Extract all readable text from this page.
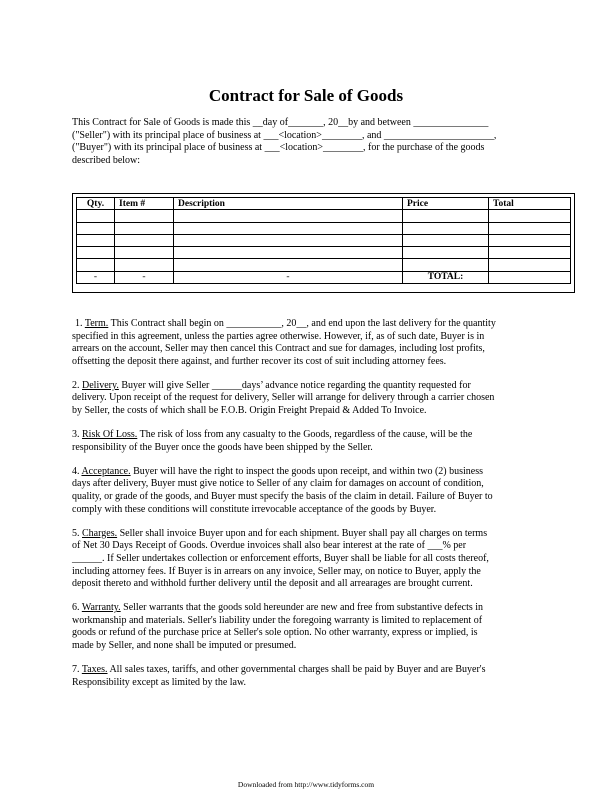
Contract for Sale of Goods
This Contract for Sale of Goods is made this __day of_______, 20__by and between _______________
("Seller") with its principal place of business at ___<location>________, and ______________________,
("Buyer") with its principal place of business at ___<location>________, for the purchase of the goods
described below:
Qty.	Item #	Description	Price	Total

-	-	-	TOTAL:	
1. Term. This Contract shall begin on ___________, 20__, and end upon the last delivery for the quantity
specified in this agreement, unless the parties agree otherwise. However, if, as of such date, Buyer is in
arrears on the account, Seller may then cancel this Contract and sue for damages, including lost profits,
offsetting the deposit there against, and further recover its cost of suit including attorney fees.
2. Delivery. Buyer will give Seller ______days’ advance notice regarding the quantity requested for
delivery. Upon receipt of the request for delivery, Seller will arrange for delivery through a carrier chosen
by Seller, the costs of which shall be F.O.B. Origin Freight Prepaid & Added To Invoice.
3. Risk Of Loss. The risk of loss from any casualty to the Goods, regardless of the cause, will be the
responsibility of the Buyer once the goods have been shipped by the Seller.
4. Acceptance. Buyer will have the right to inspect the goods upon receipt, and within two (2) business
days after delivery, Buyer must give notice to Seller of any claim for damages on account of condition,
quality, or grade of the goods, and Buyer must specify the basis of the claim in detail. Failure of Buyer to
comply with these conditions will constitute irrevocable acceptance of the goods by Buyer.
5. Charges. Seller shall invoice Buyer upon and for each shipment. Buyer shall pay all charges on terms
of Net 30 Days Receipt of Goods. Overdue invoices shall also bear interest at the rate of ___% per
______. If Seller undertakes collection or enforcement efforts, Buyer shall be liable for all costs thereof,
including attorney fees. If Buyer is in arrears on any invoice, Seller may, on notice to Buyer, apply the
deposit thereto and withhold further delivery until the deposit and all arrearages are brought current.
6. Warranty. Seller warrants that the goods sold hereunder are new and free from substantive defects in
workmanship and materials. Seller's liability under the foregoing warranty is limited to replacement of
goods or refund of the purchase price at Seller's sole option. No other warranty, express or implied, is
made by Seller, and none shall be imputed or presumed.
7. Taxes. All sales taxes, tariffs, and other governmental charges shall be paid by Buyer and are Buyer's
Responsibility except as limited by the law.
Downloaded from http://www.tidyforms.com
